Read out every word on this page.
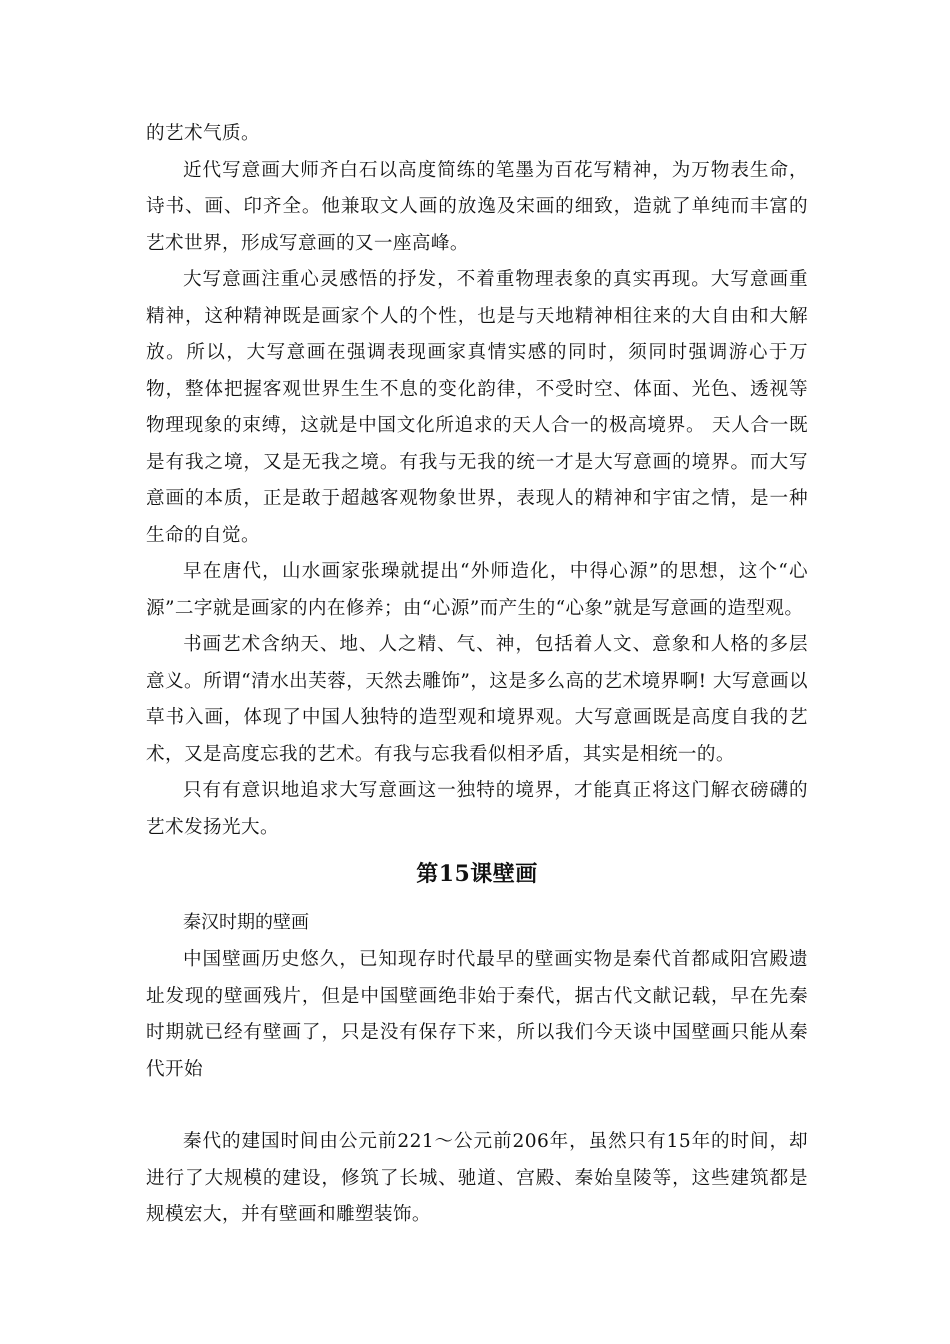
的艺术气质。

近代写意画大师齐白石以高度简练的笔墨为百花写精神，为万物表生命，诗书、画、印齐全。他兼取文人画的放逸及宋画的细致，造就了单纯而丰富的艺术世界，形成写意画的又一座高峰。

大写意画注重心灵感悟的抒发，不着重物理表象的真实再现。大写意画重精神，这种精神既是画家个人的个性，也是与天地精神相往来的大自由和大解放。所以，大写意画在强调表现画家真情实感的同时，须同时强调游心于万物，整体把握客观世界生生不息的变化韵律，不受时空、体面、光色、透视等物理现象的束缚，这就是中国文化所追求的天人合一的极高境界。 天人合一既是有我之境，又是无我之境。有我与无我的统一才是大写意画的境界。而大写意画的本质，正是敢于超越客观物象世界，表现人的精神和宇宙之情，是一种生命的自觉。

早在唐代，山水画家张璪就提出“外师造化，中得心源”的思想，这个“心源”二字就是画家的内在修养；由“心源”而产生的“心象”就是写意画的造型观。

书画艺术含纳天、地、人之精、气、神，包括着人文、意象和人格的多层意义。所谓“清水出芙蓉，天然去雕饰”，这是多么高的艺术境界啊! 大写意画以草书入画，体现了中国人独特的造型观和境界观。大写意画既是高度自我的艺术，又是高度忘我的艺术。有我与忘我看似相矛盾，其实是相统一的。

只有有意识地追求大写意画这一独特的境界，才能真正将这门解衣磅礴的艺术发扬光大。

第15课壁画

秦汉时期的壁画

中国壁画历史悠久，已知现存时代最早的壁画实物是秦代首都咸阳宫殿遗址发现的壁画残片，但是中国壁画绝非始于秦代，据古代文献记载，早在先秦时期就已经有壁画了，只是没有保存下来，所以我们今天谈中国壁画只能从秦代开始

秦代的建国时间由公元前221～公元前206年，虽然只有15年的时间，却进行了大规模的建设，修筑了长城、驰道、宫殿、秦始皇陵等，这些建筑都是规模宏大，并有壁画和雕塑装饰。
